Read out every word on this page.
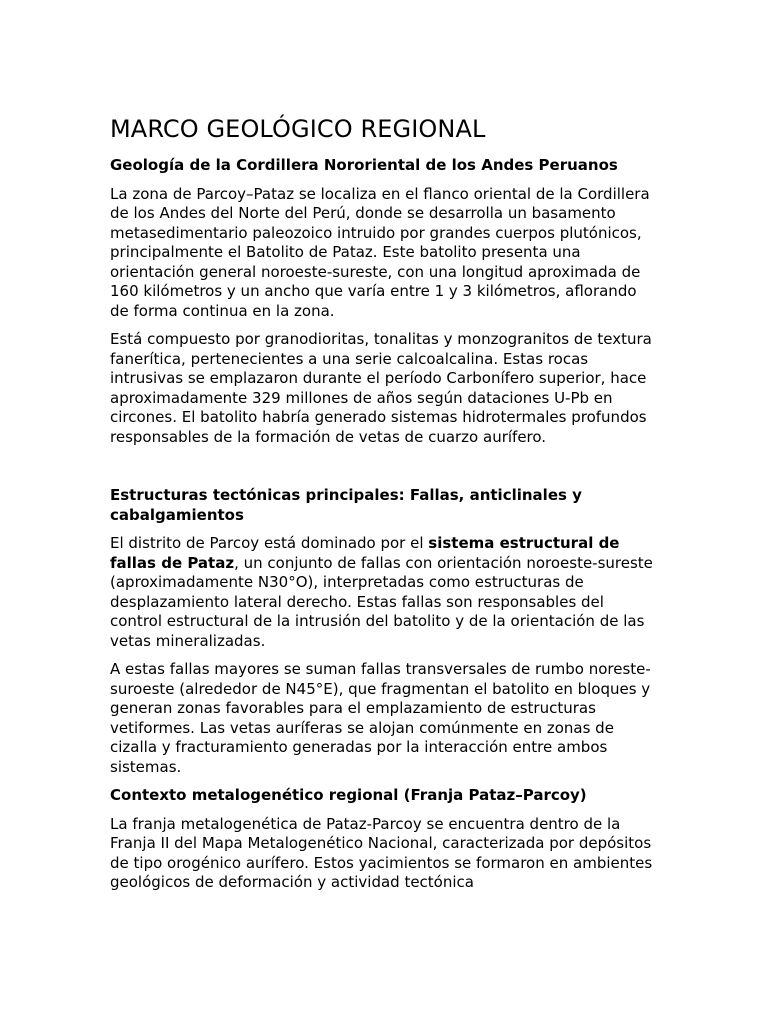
MARCO GEOLÓGICO REGIONAL
Geología de la Cordillera Nororiental de los Andes Peruanos

La zona de Parcoy–Pataz se localiza en el flanco oriental de la Cordillera de los Andes del Norte del Perú, donde se desarrolla un basamento metasedimentario paleozoico intruido por grandes cuerpos plutónicos, principalmente el Batolito de Pataz. Este batolito presenta una orientación general noroeste-sureste, con una longitud aproximada de 160 kilómetros y un ancho que varía entre 1 y 3 kilómetros, aflorando de forma continua en la zona.

Está compuesto por granodioritas, tonalitas y monzogranitos de textura fanerítica, pertenecientes a una serie calcoalcalina. Estas rocas intrusivas se emplazaron durante el período Carbonífero superior, hace aproximadamente 329 millones de años según dataciones U-Pb en circones. El batolito habría generado sistemas hidrotermales profundos responsables de la formación de vetas de cuarzo aurífero.

Estructuras tectónicas principales: Fallas, anticlinales y cabalgamientos

El distrito de Parcoy está dominado por el sistema estructural de fallas de Pataz, un conjunto de fallas con orientación noroeste-sureste (aproximadamente N30°O), interpretadas como estructuras de desplazamiento lateral derecho. Estas fallas son responsables del control estructural de la intrusión del batolito y de la orientación de las vetas mineralizadas.

A estas fallas mayores se suman fallas transversales de rumbo noreste-suroeste (alrededor de N45°E), que fragmentan el batolito en bloques y generan zonas favorables para el emplazamiento de estructuras vetiformes. Las vetas auríferas se alojan comúnmente en zonas de cizalla y fracturamiento generadas por la interacción entre ambos sistemas.

Contexto metalogenético regional (Franja Pataz–Parcoy)

La franja metalogenética de Pataz-Parcoy se encuentra dentro de la Franja II del Mapa Metalogenético Nacional, caracterizada por depósitos de tipo orogénico aurífero. Estos yacimientos se formaron en ambientes geológicos de deformación y actividad tectónica
